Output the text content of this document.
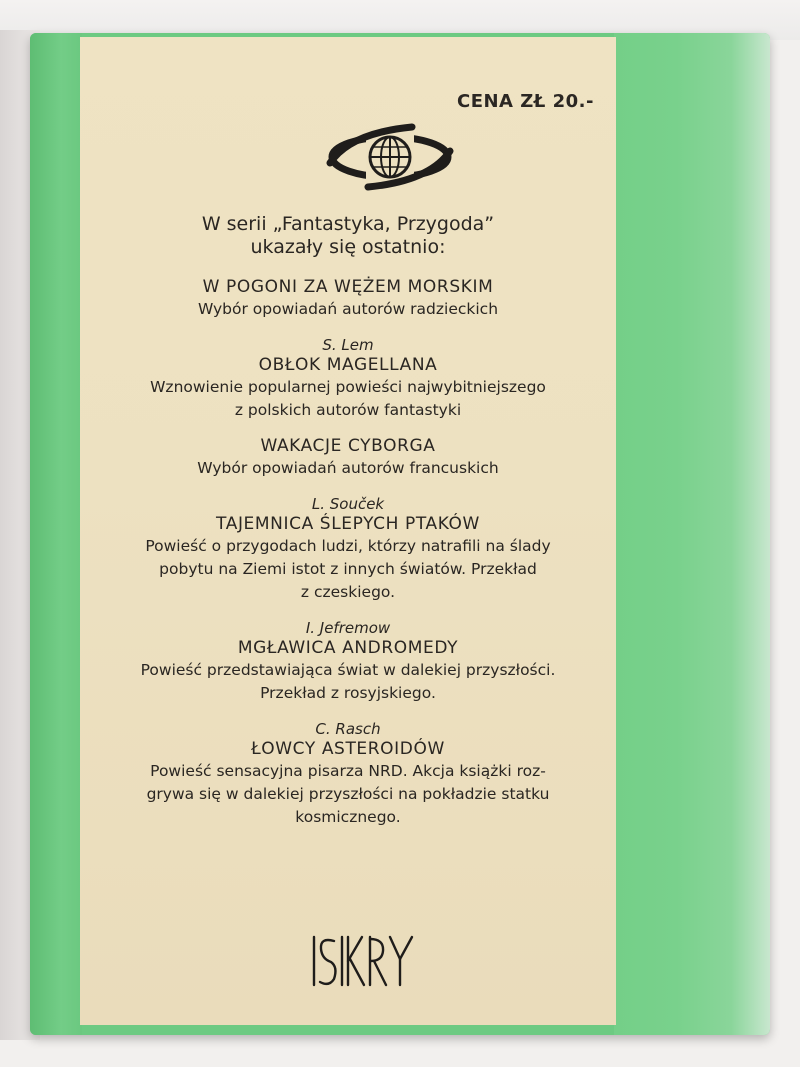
CENA ZŁ 20.-
W serii „Fantastyka, Przygoda”
ukazały się ostatnio:
W POGONI ZA WĘŻEM MORSKIM
Wybór opowiadań autorów radzieckich
S. Lem
OBŁOK MAGELLANA
Wznowienie popularnej powieści najwybitniejszego
z polskich autorów fantastyki
WAKACJE CYBORGA
Wybór opowiadań autorów francuskich
L. Souček
TAJEMNICA ŚLEPYCH PTAKÓW
Powieść o przygodach ludzi, którzy natrafili na ślady
pobytu na Ziemi istot z innych światów. Przekład
z czeskiego.
I. Jefremow
MGŁAWICA ANDROMEDY
Powieść przedstawiająca świat w dalekiej przyszłości.
Przekład z rosyjskiego.
C. Rasch
ŁOWCY ASTEROIDÓW
Powieść sensacyjna pisarza NRD. Akcja książki roz-
grywa się w dalekiej przyszłości na pokładzie statku
kosmicznego.
